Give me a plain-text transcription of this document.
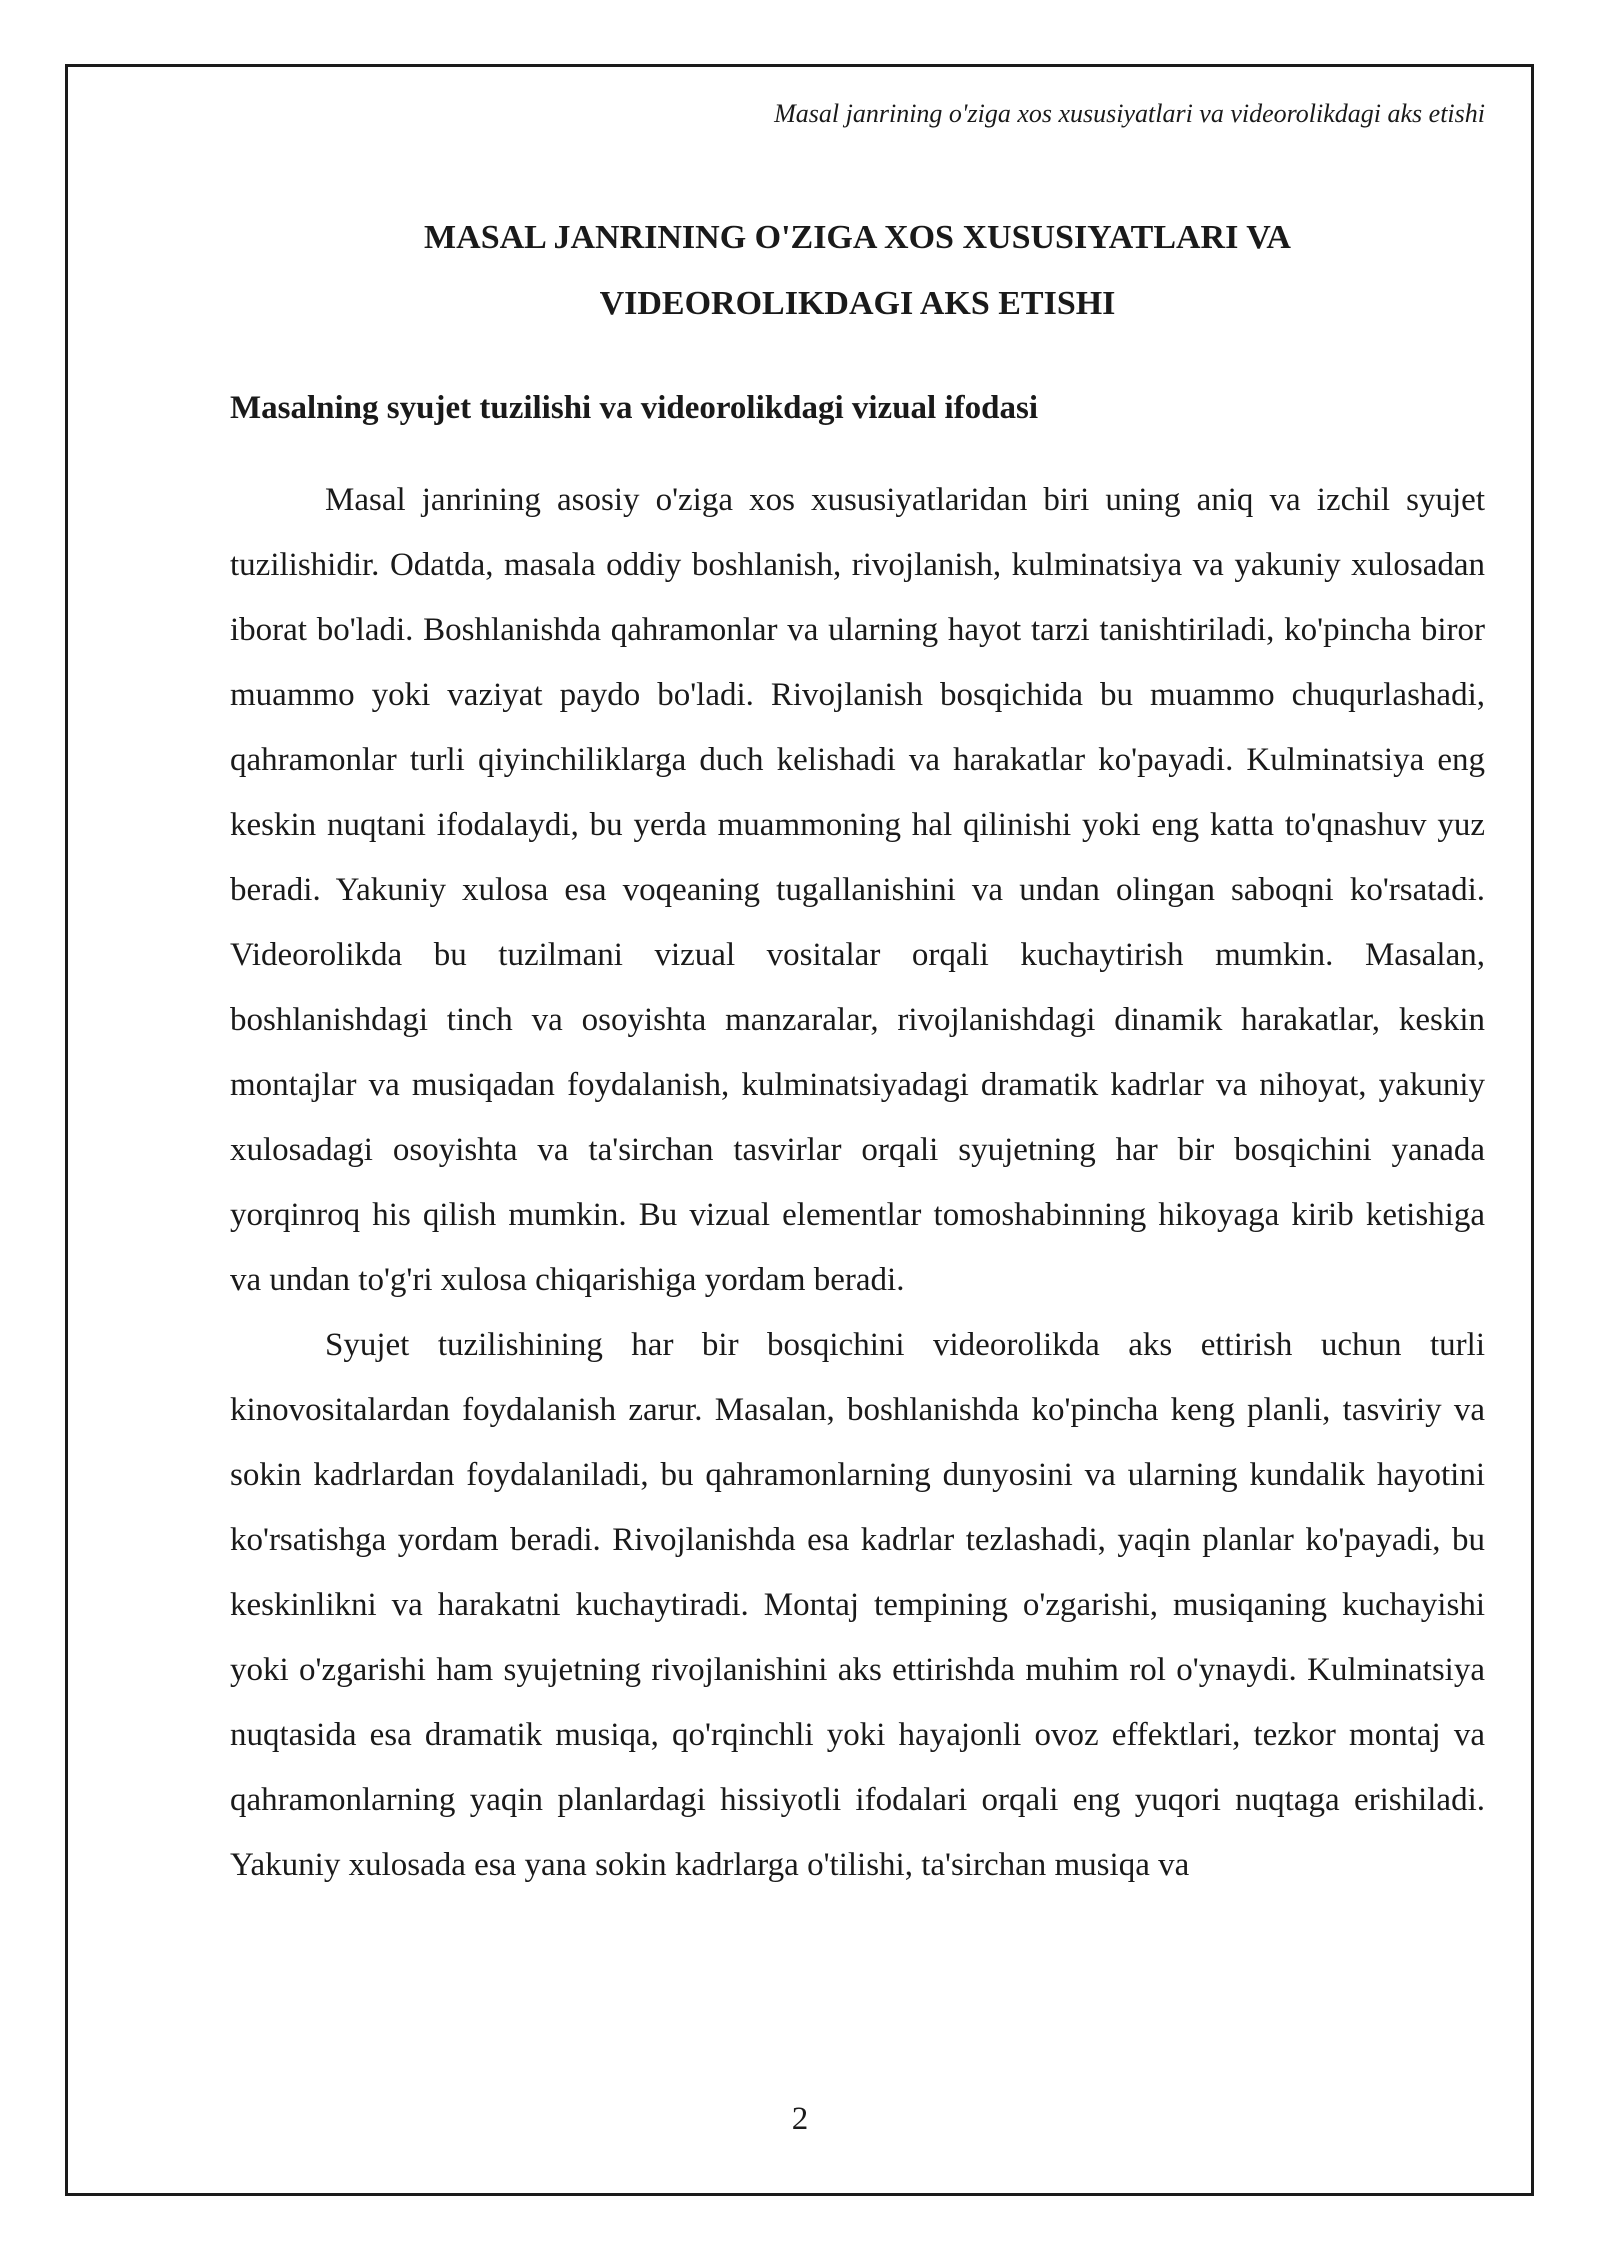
Masal janrining o'ziga xos xususiyatlari va videorolikdagi aks etishi
MASAL JANRINING O'ZIGA XOS XUSUSIYATLARI VA
VIDEOROLIKDAGI AKS ETISHI
Masalning syujet tuzilishi va videorolikdagi vizual ifodasi

Masal janrining asosiy o'ziga xos xususiyatlaridan biri uning aniq va izchil syujet tuzilishidir. Odatda, masala oddiy boshlanish, rivojlanish, kulminatsiya va yakuniy xulosadan iborat bo'ladi. Boshlanishda qahramonlar va ularning hayot tarzi tanishtiriladi, ko'pincha biror muammo yoki vaziyat paydo bo'ladi. Rivojlanish bosqichida bu muammo chuqurlashadi, qahramonlar turli qiyinchiliklarga duch kelishadi va harakatlar ko'payadi. Kulminatsiya eng keskin nuqtani ifodalaydi, bu yerda muammoning hal qilinishi yoki eng katta to'qnashuv yuz beradi. Yakuniy xulosa esa voqeaning tugallanishini va undan olingan saboqni ko'rsatadi. Videorolikda bu tuzilmani vizual vositalar orqali kuchaytirish mumkin. Masalan, boshlanishdagi tinch va osoyishta manzaralar, rivojlanishdagi dinamik harakatlar, keskin montajlar va musiqadan foydalanish, kulminatsiyadagi dramatik kadrlar va nihoyat, yakuniy xulosadagi osoyishta va ta'sirchan tasvirlar orqali syujetning har bir bosqichini yanada yorqinroq his qilish mumkin. Bu vizual elementlar tomoshabinning hikoyaga kirib ketishiga va undan to'g'ri xulosa chiqarishiga yordam beradi.

Syujet tuzilishining har bir bosqichini videorolikda aks ettirish uchun turli kinovositalardan foydalanish zarur. Masalan, boshlanishda ko'pincha keng planli, tasviriy va sokin kadrlardan foydalaniladi, bu qahramonlarning dunyosini va ularning kundalik hayotini ko'rsatishga yordam beradi. Rivojlanishda esa kadrlar tezlashadi, yaqin planlar ko'payadi, bu keskinlikni va harakatni kuchaytiradi. Montaj tempining o'zgarishi, musiqaning kuchayishi yoki o'zgarishi ham syujetning rivojlanishini aks ettirishda muhim rol o'ynaydi. Kulminatsiya nuqtasida esa dramatik musiqa, qo'rqinchli yoki hayajonli ovoz effektlari, tezkor montaj va qahramonlarning yaqin planlardagi hissiyotli ifodalari orqali eng yuqori nuqtaga erishiladi. Yakuniy xulosada esa yana sokin kadrlarga o'tilishi, ta'sirchan musiqa va

2
